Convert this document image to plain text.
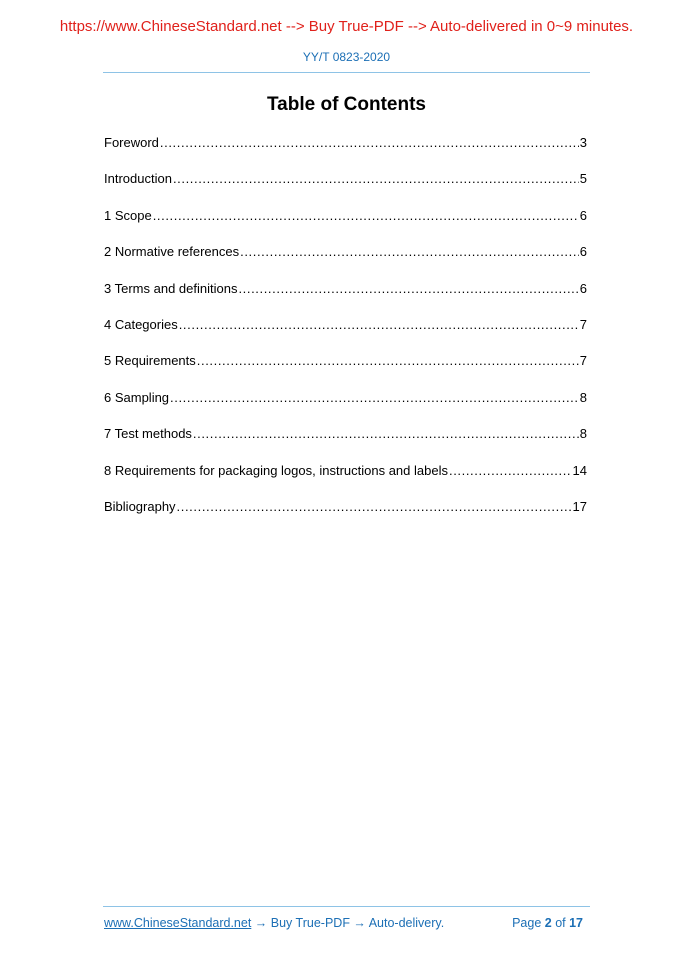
https://www.ChineseStandard.net --> Buy True-PDF --> Auto-delivered in 0~9 minutes.
YY/T 0823-2020
Table of Contents
Foreword .....	3
Introduction .....	5
1 Scope .....	6
2 Normative references .....	6
3 Terms and definitions .....	6
4 Categories .....	7
5 Requirements .....	7
6 Sampling .....	8
7 Test methods .....	8
8 Requirements for packaging logos, instructions and labels .....	14
Bibliography .....	17
www.ChineseStandard.net → Buy True-PDF → Auto-delivery.	Page 2 of 17
